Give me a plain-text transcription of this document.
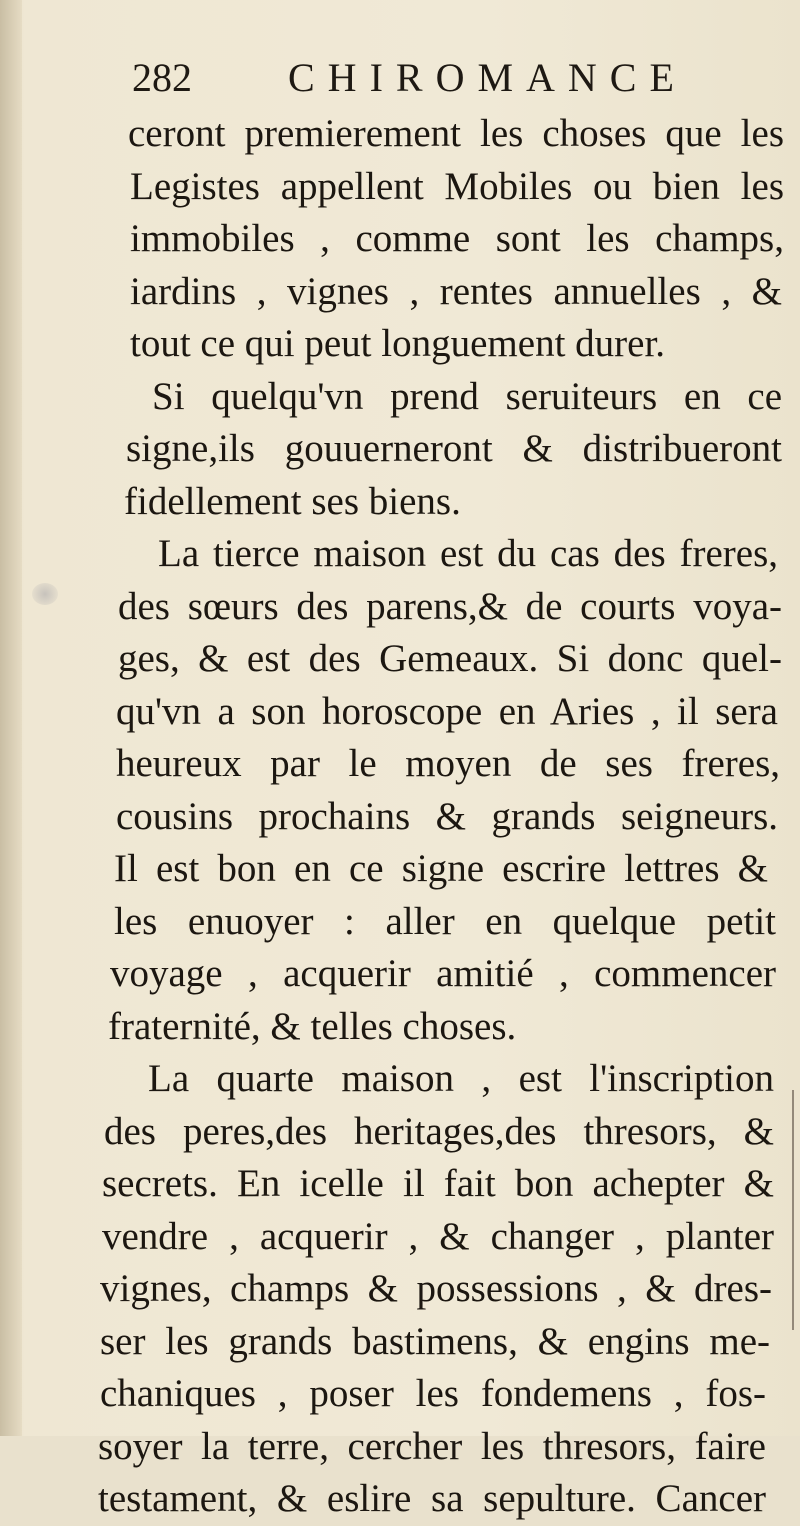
282 CHIROMANCE
ceront premierement les choses que les
Legistes appellent Mobiles ou bien les
immobiles , comme sont les champs,
iardins , vignes , rentes annuelles , &
tout ce qui peut longuement durer.
Si quelqu'vn prend seruiteurs en ce
signe,ils gouuerneront & distribueront
fidellement ses biens.
La tierce maison est du cas des freres,
des sœurs des parens,& de courts voya-
ges, & est des Gemeaux. Si donc quel-
qu'vn a son horoscope en Aries , il sera
heureux par le moyen de ses freres,
cousins prochains & grands seigneurs.
Il est bon en ce signe escrire lettres &
les enuoyer : aller en quelque petit
voyage , acquerir amitié , commencer
fraternité, & telles choses.
La quarte maison , est l'inscription
des peres,des heritages,des thresors, &
secrets. En icelle il fait bon achepter &
vendre , acquerir , & changer , planter
vignes, champs & possessions , & dres-
ser les grands bastimens, & engins me-
chaniques , poser les fondemens , fos-
soyer la terre, cercher les thresors, faire
testament, & eslire sa sepulture. Cancer
